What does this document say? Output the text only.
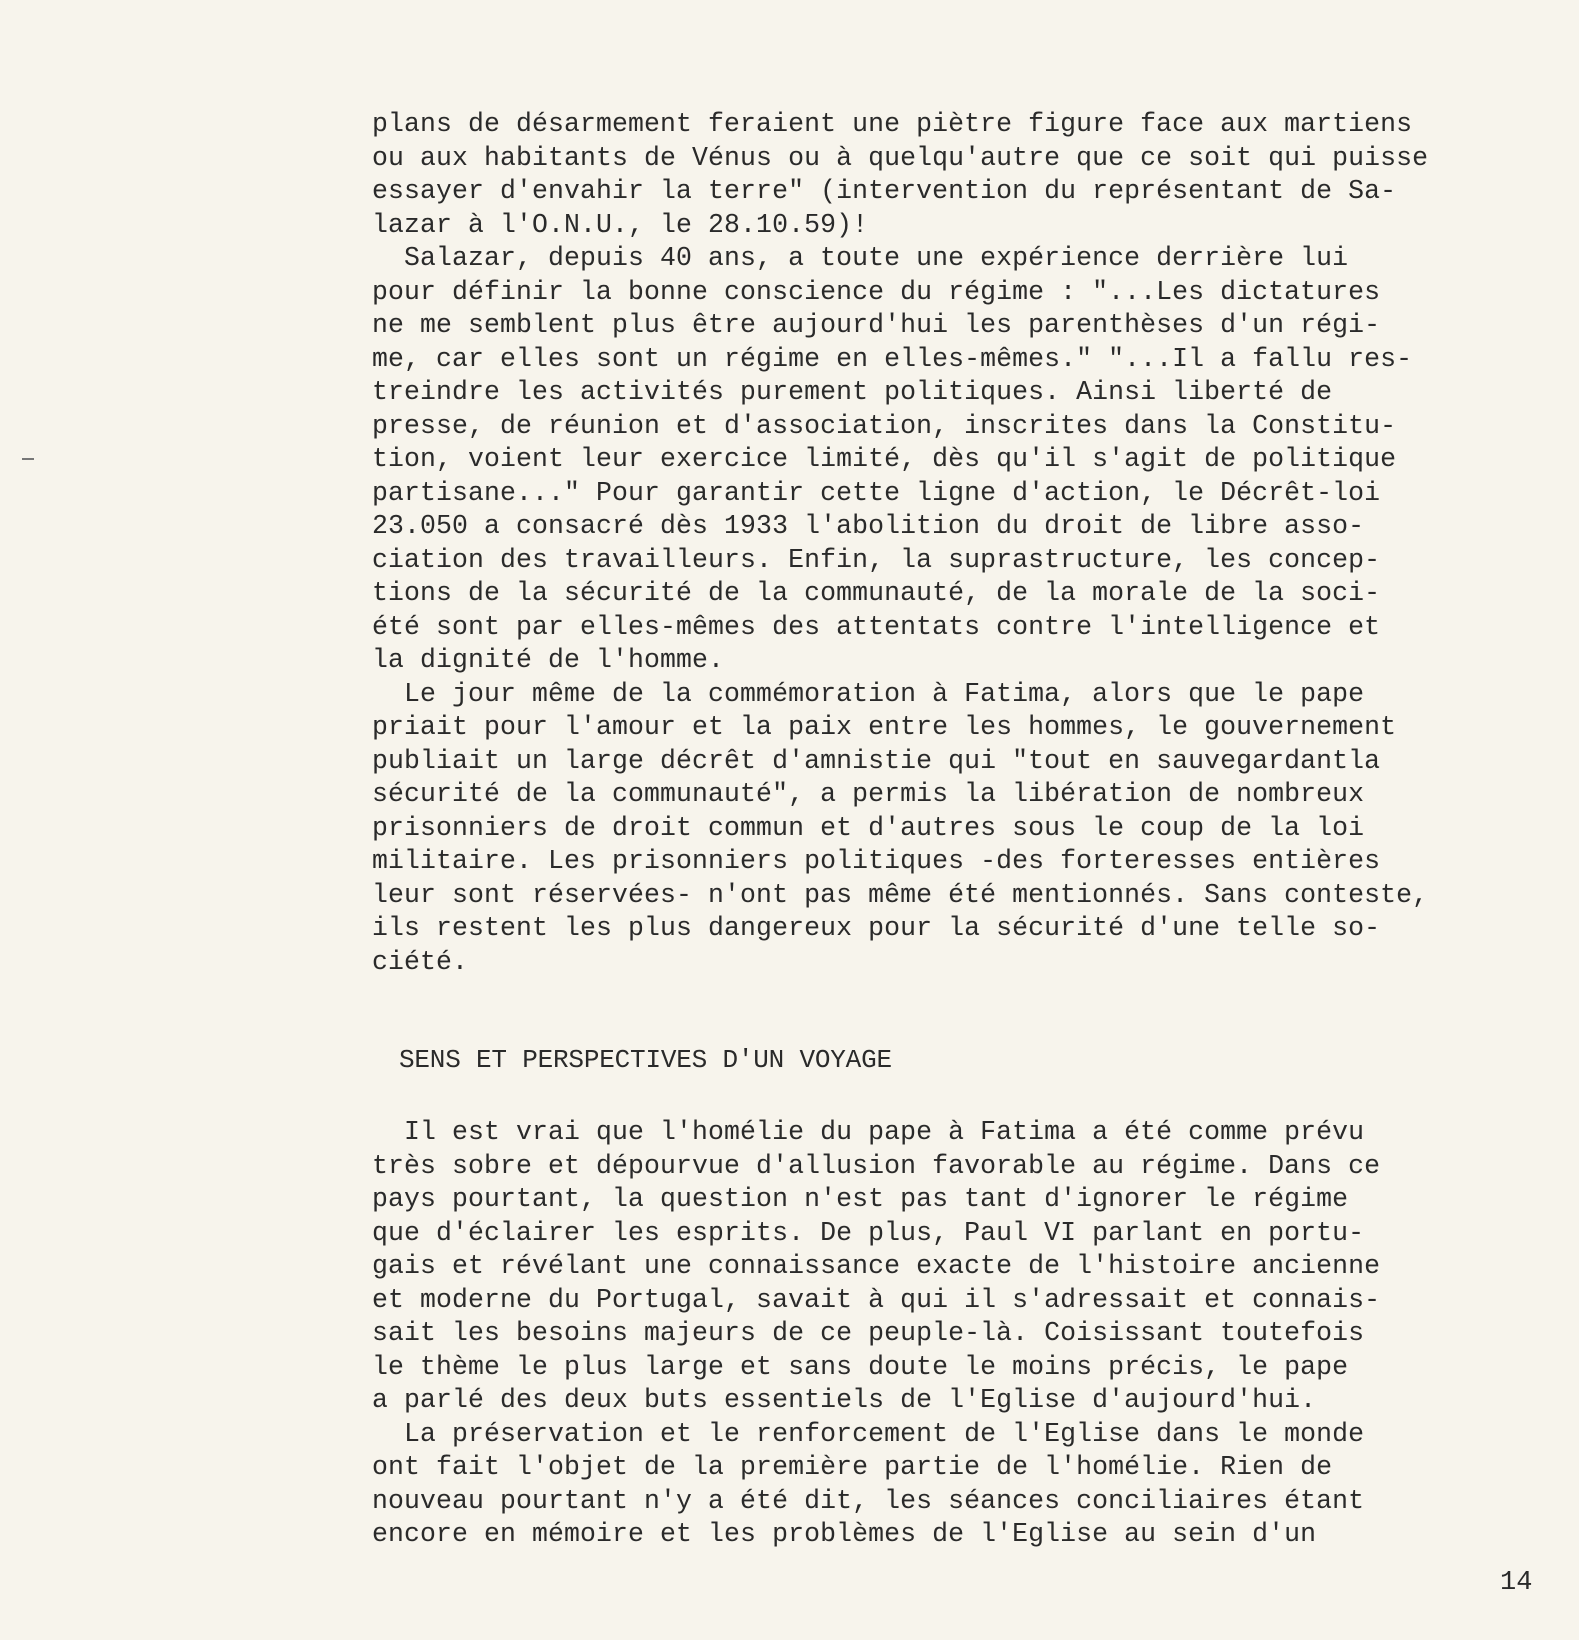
plans de désarmement feraient une piètre figure face aux martiens
ou aux habitants de Vénus ou à quelqu'autre que ce soit qui puisse
essayer d'envahir la terre" (intervention du représentant de Sa-
lazar à l'O.N.U., le 28.10.59)!
Salazar, depuis 40 ans, a toute une expérience derrière lui
pour définir la bonne conscience du régime : "...Les dictatures
ne me semblent plus être aujourd'hui les parenthèses d'un régi-
me, car elles sont un régime en elles-mêmes." "...Il a fallu res-
treindre les activités purement politiques. Ainsi liberté de
presse, de réunion et d'association, inscrites dans la Constitu-
tion, voient leur exercice limité, dès qu'il s'agit de politique
partisane..." Pour garantir cette ligne d'action, le Décrêt-loi
23.050 a consacré dès 1933 l'abolition du droit de libre asso-
ciation des travailleurs. Enfin, la suprastructure, les concep-
tions de la sécurité de la communauté, de la morale de la soci-
été sont par elles-mêmes des attentats contre l'intelligence et
la dignité de l'homme.
Le jour même de la commémoration à Fatima, alors que le pape
priait pour l'amour et la paix entre les hommes, le gouvernement
publiait un large décrêt d'amnistie qui "tout en sauvegardantla
sécurité de la communauté", a permis la libération de nombreux
prisonniers de droit commun et d'autres sous le coup de la loi
militaire. Les prisonniers politiques -des forteresses entières
leur sont réservées- n'ont pas même été mentionnés. Sans conteste,
ils restent les plus dangereux pour la sécurité d'une telle so-
ciété.
SENS ET PERSPECTIVES D'UN VOYAGE
Il est vrai que l'homélie du pape à Fatima a été comme prévu
très sobre et dépourvue d'allusion favorable au régime. Dans ce
pays pourtant, la question n'est pas tant d'ignorer le régime
que d'éclairer les esprits. De plus, Paul VI parlant en portu-
gais et révélant une connaissance exacte de l'histoire ancienne
et moderne du Portugal, savait à qui il s'adressait et connais-
sait les besoins majeurs de ce peuple-là. Coisissant toutefois
le thème le plus large et sans doute le moins précis, le pape
a parlé des deux buts essentiels de l'Eglise d'aujourd'hui.
La préservation et le renforcement de l'Eglise dans le monde
ont fait l'objet de la première partie de l'homélie. Rien de
nouveau pourtant n'y a été dit, les séances conciliaires étant
encore en mémoire et les problèmes de l'Eglise au sein d'un
14
